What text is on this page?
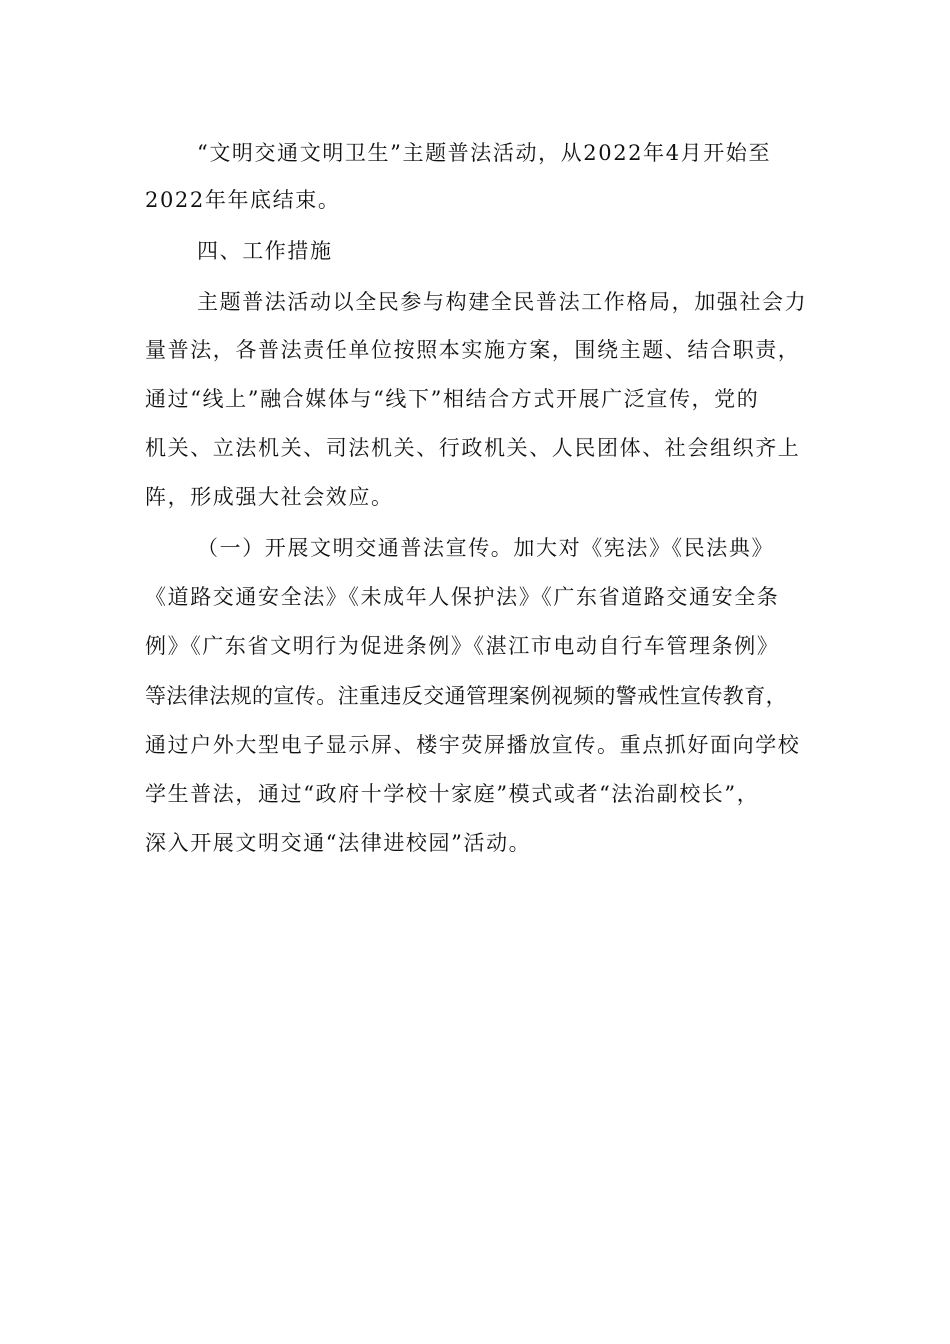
“文明交通文明卫生”主题普法活动，从2022年4月开始至
2022年年底结束。
四、工作措施
主题普法活动以全民参与构建全民普法工作格局，加强社会力
量普法，各普法责任单位按照本实施方案，围绕主题、结合职责，
通过“线上”融合媒体与“线下”相结合方式开展广泛宣传，党的
机关、立法机关、司法机关、行政机关、人民团体、社会组织齐上
阵，形成强大社会效应。
（一）开展文明交通普法宣传。加大对《宪法》《民法典》
《道路交通安全法》《未成年人保护法》《广东省道路交通安全条
例》《广东省文明行为促进条例》《湛江市电动自行车管理条例》
等法律法规的宣传。注重违反交通管理案例视频的警戒性宣传教育，
通过户外大型电子显示屏、楼宇荧屏播放宣传。重点抓好面向学校
学生普法，通过“政府十学校十家庭”模式或者“法治副校长”，
深入开展文明交通“法律进校园”活动。
